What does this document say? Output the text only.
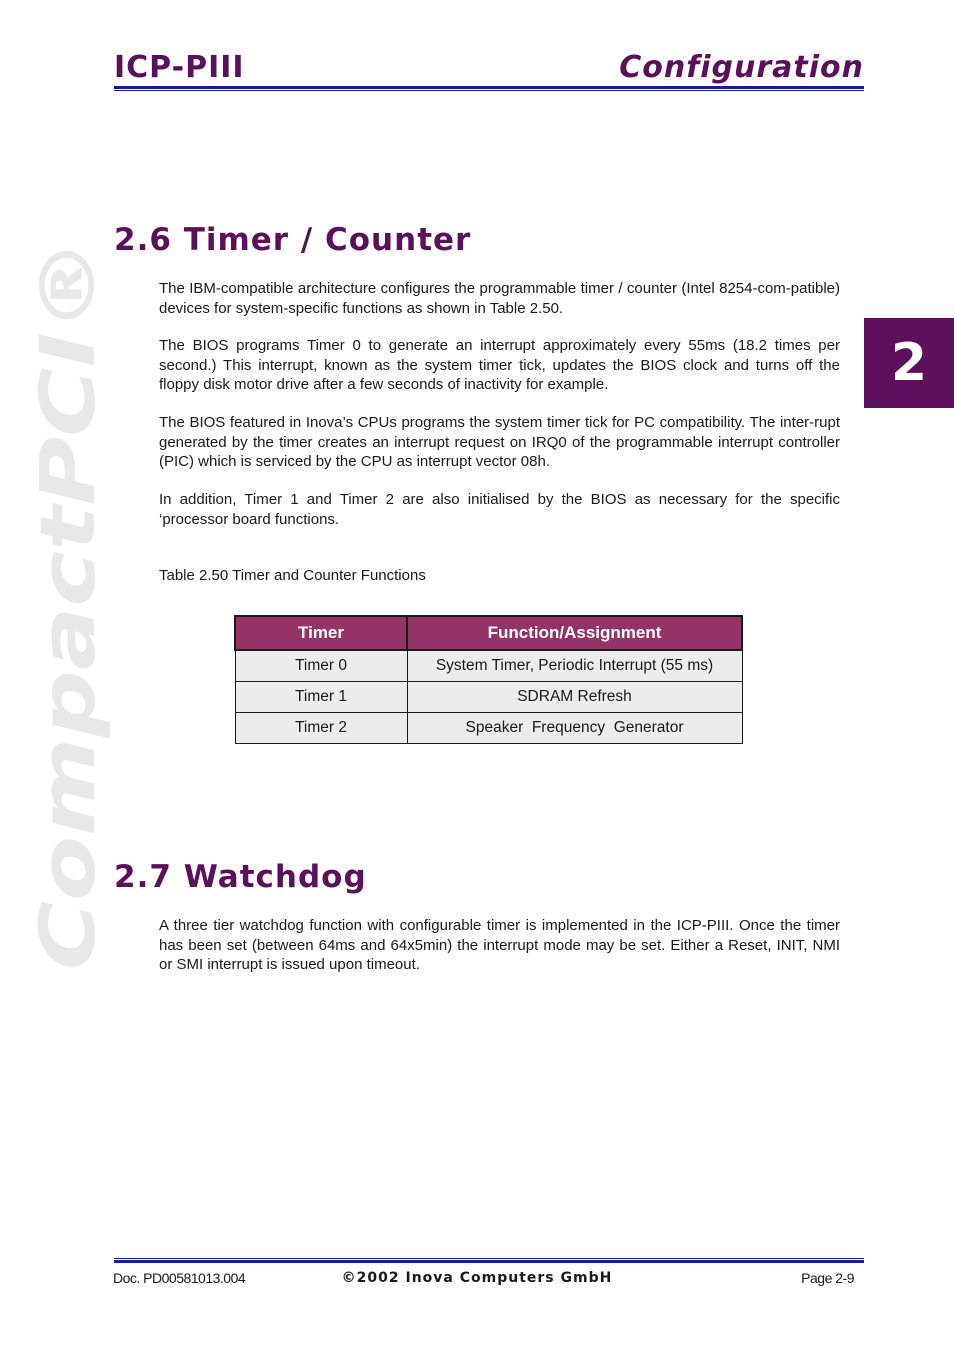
ICP-PIII	Configuration
CompactPCI®
2
2.6 Timer / Counter

The IBM-compatible architecture configures the programmable timer / counter (Intel 8254-com-patible) devices for system-specific functions as shown in Table 2.50.

The BIOS programs Timer 0 to generate an interrupt approximately every 55ms (18.2 times per second.) This interrupt, known as the system timer tick, updates the BIOS clock and turns off the floppy disk motor drive after a few seconds of inactivity for example.

The BIOS featured in Inova’s CPUs programs the system timer tick for PC compatibility. The inter-rupt generated by the timer creates an interrupt request on IRQ0 of the programmable interrupt controller (PIC) which is serviced by the CPU as interrupt vector 08h.

In addition, Timer 1 and Timer 2 are also initialised by the BIOS as necessary for the specific ‘processor board functions.

Table 2.50 Timer and Counter Functions
Timer	Function/Assignment
Timer 0	System Timer, Periodic Interrupt (55 ms)
Timer 1	SDRAM Refresh
Timer 2	Speaker  Frequency  Generator
2.7 Watchdog

A three tier watchdog function with configurable timer is implemented in the ICP-PIII. Once the timer has been set (between 64ms and 64x5min) the interrupt mode may be set. Either a Reset, INIT, NMI or SMI interrupt is issued upon timeout.

Doc. PD00581013.004	©2002 Inova Computers GmbH	Page 2-9
